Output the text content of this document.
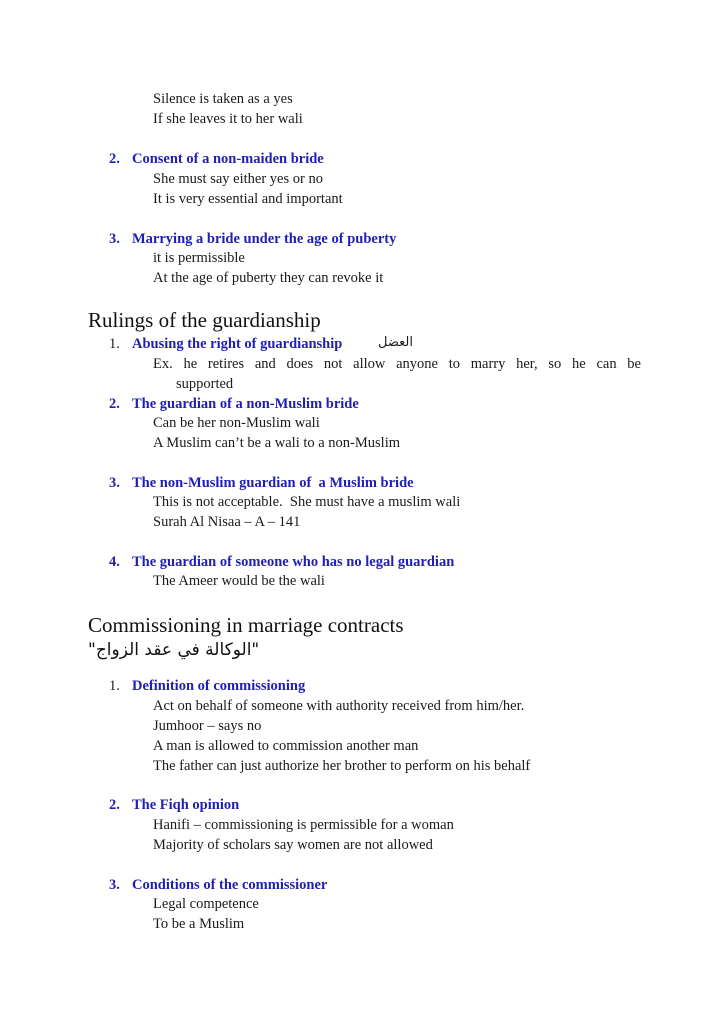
Silence is taken as a yes
If she leaves it to her wali
2. Consent of a non-maiden bride
She must say either yes or no
It is very essential and important
3. Marrying a bride under the age of puberty
it is permissible
At the age of puberty they can revoke it
Rulings of the guardianship
1. Abusing the right of guardianship	العضل
Ex. he retires and does not allow anyone to marry her, so he can be
supported
2. The guardian of a non-Muslim bride
Can be her non-Muslim wali
A Muslim can’t be a wali to a non-Muslim
3. The non-Muslim guardian of  a Muslim bride
This is not acceptable.  She must have a muslim wali
Surah Al Nisaa – A – 141
4. The guardian of someone who has no legal guardian
The Ameer would be the wali
Commissioning in marriage contracts
"الوكالة في عقد الزواج"
1. Definition of commissioning
Act on behalf of someone with authority received from him/her.
Jumhoor – says no
A man is allowed to commission another man
The father can just authorize her brother to perform on his behalf
2. The Fiqh opinion
Hanifi – commissioning is permissible for a woman
Majority of scholars say women are not allowed
3. Conditions of the commissioner
Legal competence
To be a Muslim
